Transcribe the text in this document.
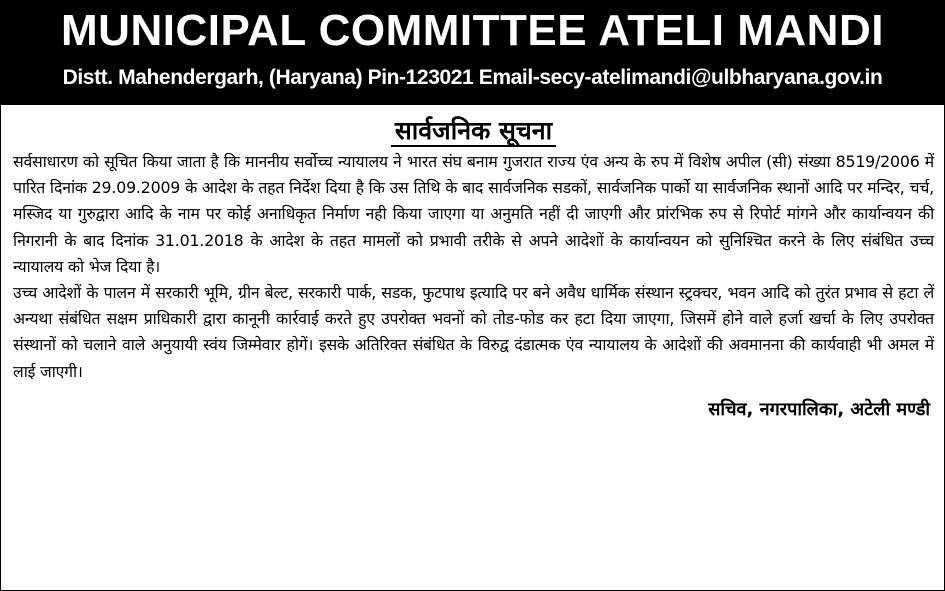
MUNICIPAL COMMITTEE ATELI MANDI
Distt. Mahendergarh, (Haryana) Pin-123021 Email-secy-atelimandi@ulbharyana.gov.in
सार्वजनिक सूचना

सर्वसाधारण को सूचित किया जाता है कि माननीय सर्वोच्च न्यायालय ने भारत संघ बनाम गुजरात राज्य एंव अन्य के रुप में विशेष अपील (सी) संख्या 8519/2006 में पारित दिनांक 29.09.2009 के आदेश के तहत निर्देश दिया है कि उस तिथि के बाद सार्वजनिक सडकों, सार्वजनिक पार्को या सार्वजनिक स्थानों आदि पर मन्दिर, चर्च, मस्जिद या गुरुद्वारा आदि के नाम पर कोई अनाधिकृत निर्माण नही किया जाएगा या अनुमति नहीं दी जाएगी और प्रांरभिक रुप से रिपोर्ट मांगने और कार्यान्वयन की निगरानी के बाद दिनांक 31.01.2018 के आदेश के तहत मामलों को प्रभावी तरीके से अपने आदेशों के कार्यान्वयन को सुनिश्चित करने के लिए संबंधित उच्च न्यायालय को भेज दिया है।

उच्च आदेशों के पालन में सरकारी भूमि, ग्रीन बेल्ट, सरकारी पार्क, सडक, फुटपाथ इत्यादि पर बने अवैध धार्मिक संस्थान स्ट्रक्चर, भवन आदि को तुरंत प्रभाव से हटा लें अन्यथा संबंधित सक्षम प्राधिकारी द्वारा कानूनी कार्रवाई करते हुए उपरोक्त भवनों को तोड-फोड कर हटा दिया जाएगा, जिसमें होने वाले हर्जा खर्चा के लिए उपरोक्त संस्थानों को चलाने वाले अनुयायी स्वंय जिम्मेवार होगें। इसके अतिरिक्त संबंधित के विरुद्व दंडात्मक एंव न्यायालय के आदेशों की अवमानना की कार्यवाही भी अमल में लाई जाएगी।

सचिव, नगरपालिका, अटेली मण्डी
